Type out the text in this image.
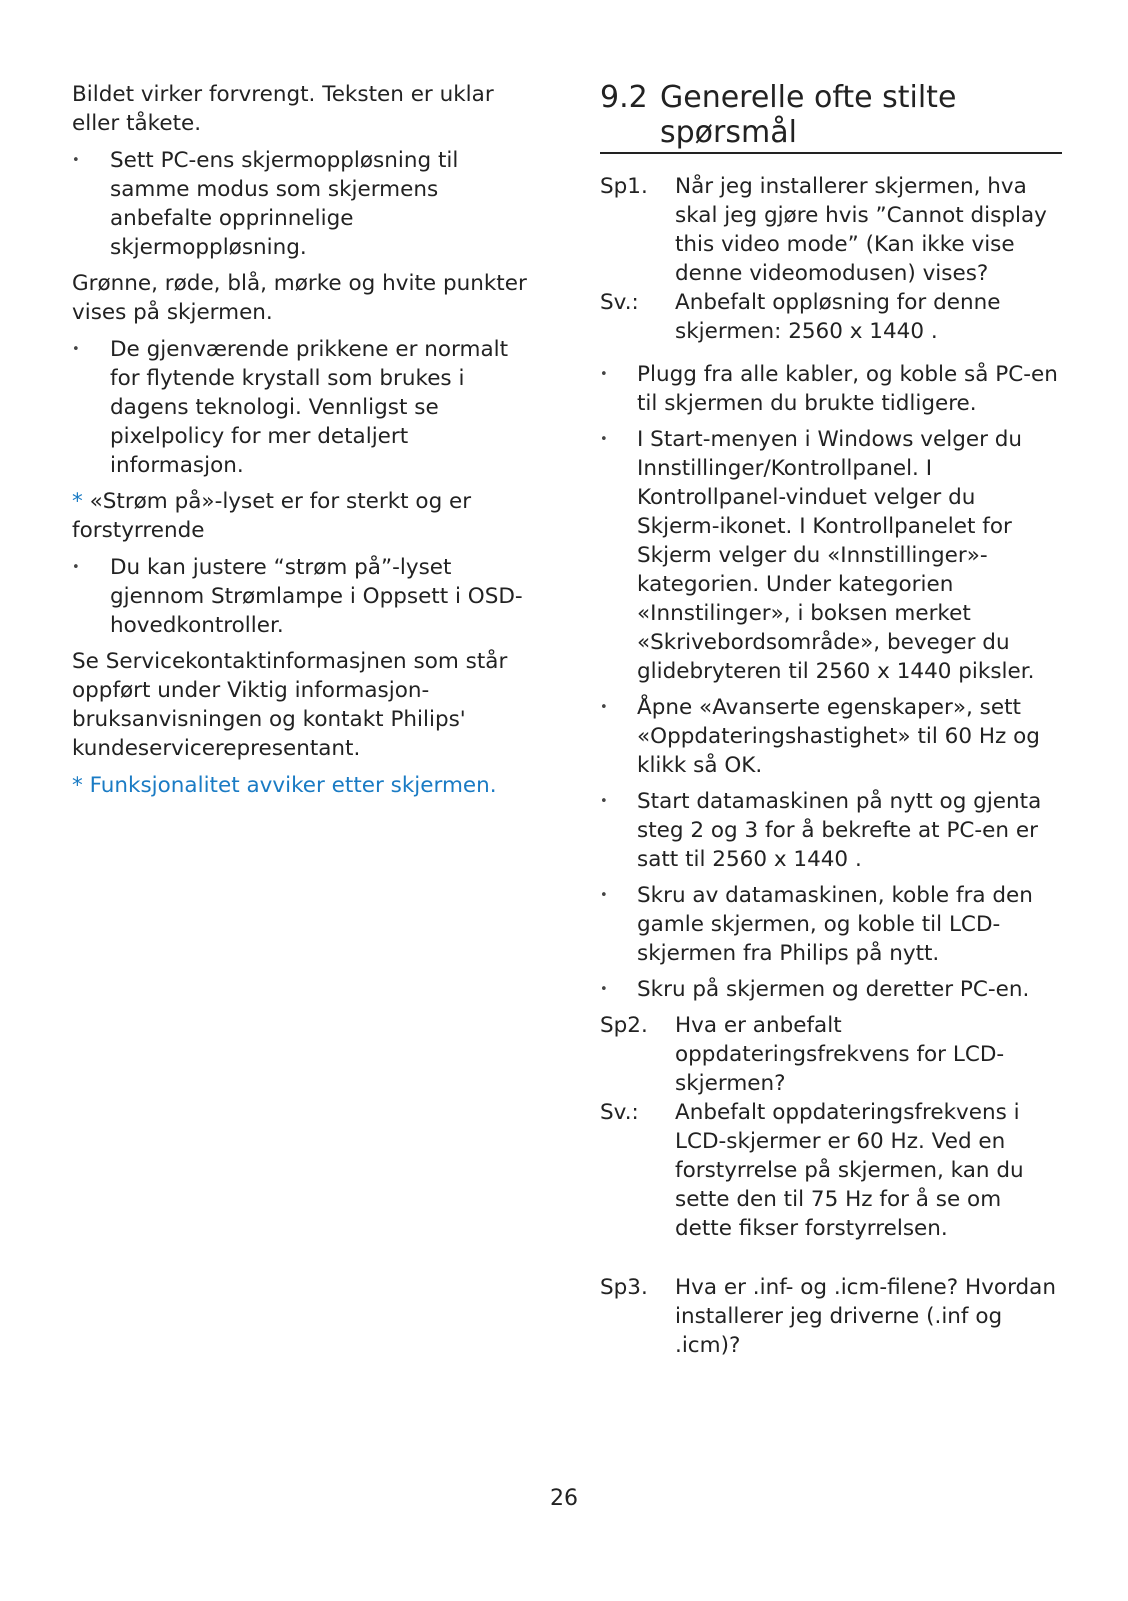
Bildet virker forvrengt. Teksten er uklar eller tåkete.

• Sett PC-ens skjermoppløsning til samme modus som skjermens anbefalte opprinnelige skjermoppløsning.

Grønne, røde, blå, mørke og hvite punkter vises på skjermen.

• De gjenværende prikkene er normalt for flytende krystall som brukes i dagens teknologi. Vennligst se pixelpolicy for mer detaljert informasjon.

* «Strøm på»-lyset er for sterkt og er forstyrrende

• Du kan justere “strøm på”-lyset gjennom Strømlampe i Oppsett i OSD-hovedkontroller.

Se Servicekontaktinformasjnen som står oppført under Viktig informasjon-bruksanvisningen og kontakt Philips' kundeservicerepresentant.

* Funksjonalitet avviker etter skjermen.

9.2 Generelle ofte stilte spørsmål
Sp1.	Når jeg installerer skjermen, hva skal jeg gjøre hvis ”Cannot display this video mode” (Kan ikke vise denne videomodusen) vises?
Sv.:	Anbefalt oppløsning for denne skjermen: 2560 x 1440 .
• Plugg fra alle kabler, og koble så PC-en til skjermen du brukte tidligere.
• I Start-menyen i Windows velger du Innstillinger/Kontrollpanel. I Kontrollpanel-vinduet velger du Skjerm-ikonet. I Kontrollpanelet for Skjerm velger du «Innstillinger»-kategorien. Under kategorien «Innstilinger», i boksen merket «Skrivebordsområde», beveger du glidebryteren til 2560 x 1440 piksler.
• Åpne «Avanserte egenskaper», sett «Oppdateringshastighet» til 60 Hz og klikk så OK.
• Start datamaskinen på nytt og gjenta steg 2 og 3 for å bekrefte at PC-en er satt til 2560 x 1440 .
• Skru av datamaskinen, koble fra den gamle skjermen, og koble til LCD-skjermen fra Philips på nytt.
• Skru på skjermen og deretter PC-en.
Sp2.	Hva er anbefalt oppdateringsfrekvens for LCD-skjermen?
Sv.:	Anbefalt oppdateringsfrekvens i LCD-skjermer er 60 Hz. Ved en forstyrrelse på skjermen, kan du sette den til 75 Hz for å se om dette fikser forstyrrelsen.
Sp3.	Hva er .inf- og .icm-filene? Hvordan installerer jeg driverne (.inf og .icm)?
26
